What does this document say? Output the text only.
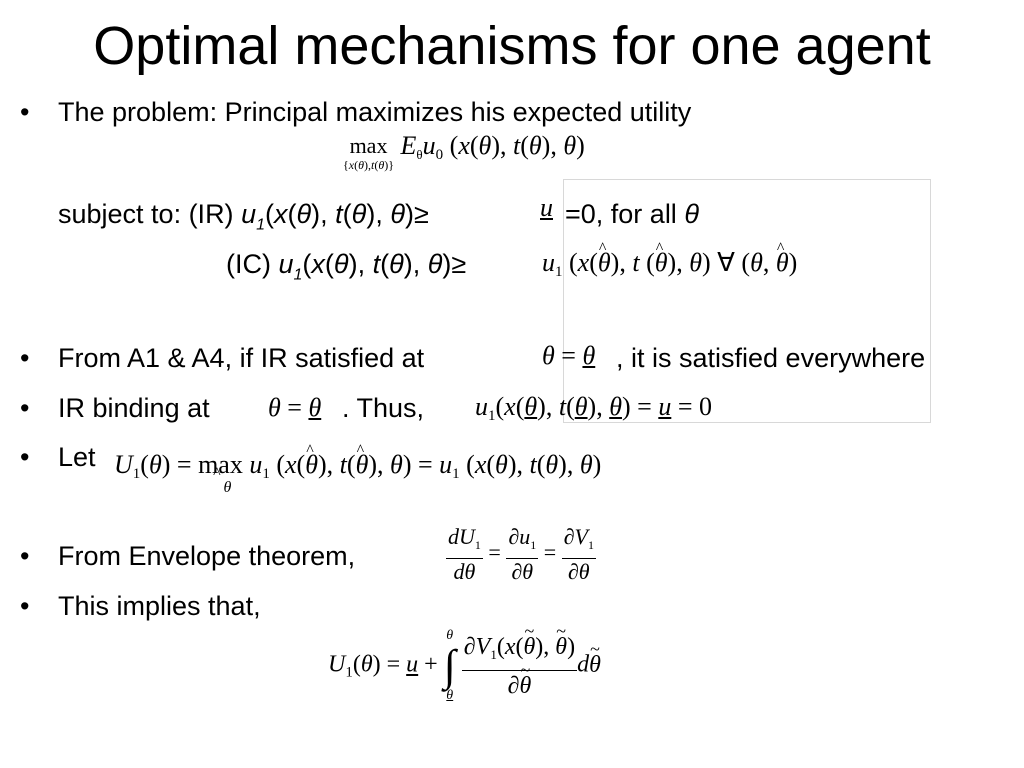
Optimal mechanisms for one agent
• The problem: Principal maximizes his expected utility
max
{x(θ),t(θ)}
$E_\theta u_0$ (x(θ), t(θ), θ)
subject to: (IR) $u_1(x(\theta)$, t(θ), θ)≥	u =0, for all θ
(IC) $u_1(x(\theta)$, t(θ), θ)≥	$u_1$ (x(θ ^), t (θ ^), θ) ∀ (θ, θ ^)
• From A1 & A4, if IR satisfied at	θ = θ , it is satisfied everywhere
• IR binding at θ = θ . Thus, $u_1(x(\theta)$, t(θ), θ) = u = 0
• Let $U_1(\theta) = \max$
θ ^
$u_1$ (x(θ ^), t(θ ^), $\theta) = u_1$ (x(θ), t(θ), θ)
• From Envelope theorem,	$\frac{dU_1}{d\theta} = \frac{\partial u_1}{\partial\theta} = \frac{\partial V_1}{\partial\theta}$
• This implies that,
$U_1(\theta) = u$ +
θ
∫
θ
$\frac{\partial V_1(x(\theta \sim), \theta \sim)}{\partial\theta}$ ~ dθ ~
